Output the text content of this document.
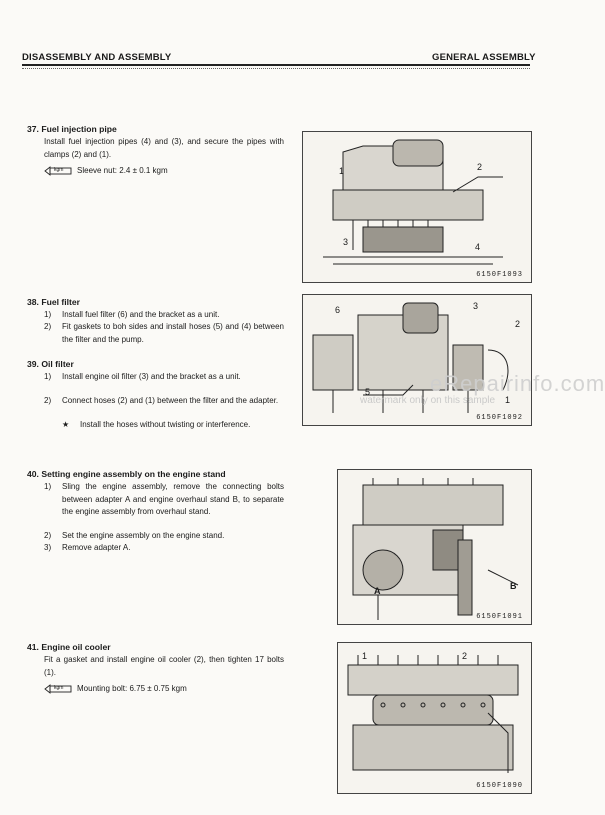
DISASSEMBLY AND ASSEMBLY	GENERAL ASSEMBLY
37. Fuel injection pipe
Install fuel injection pipes (4) and (3), and secure the pipes with clamps (2) and (1).
kgm Sleeve nut: 2.4 ± 0.1 kgm	1	2
3	4
6150F1093
38. Fuel filter
1) Install fuel filter (6) and the bracket as a unit.
2) Fit gaskets to boh sides and install hoses (5) and (4) between the filter and the pump.
39. Oil filter
1) Install engine oil filter (3) and the bracket as a unit.
2) Connect hoses (2) and (1) between the filter and the adapter.
★ Install the hoses without twisting or interference.
6	3
2
5
1
6150F1092
eRepairinfo.com
watermark only on this sample
40. Setting engine assembly on the engine stand
1) Sling the engine assembly, remove the connecting bolts between adapter A and engine overhaul stand B, to separate the engine assembly from overhaul stand.
2) Set the engine assembly on the engine stand.
3) Remove adapter A.
A	B
6150F1091
41. Engine oil cooler
Fit a gasket and install engine oil cooler (2), then tighten 17 bolts (1).
kgm Mounting bolt: 6.75 ± 0.75 kgm
1	2
6150F1090
